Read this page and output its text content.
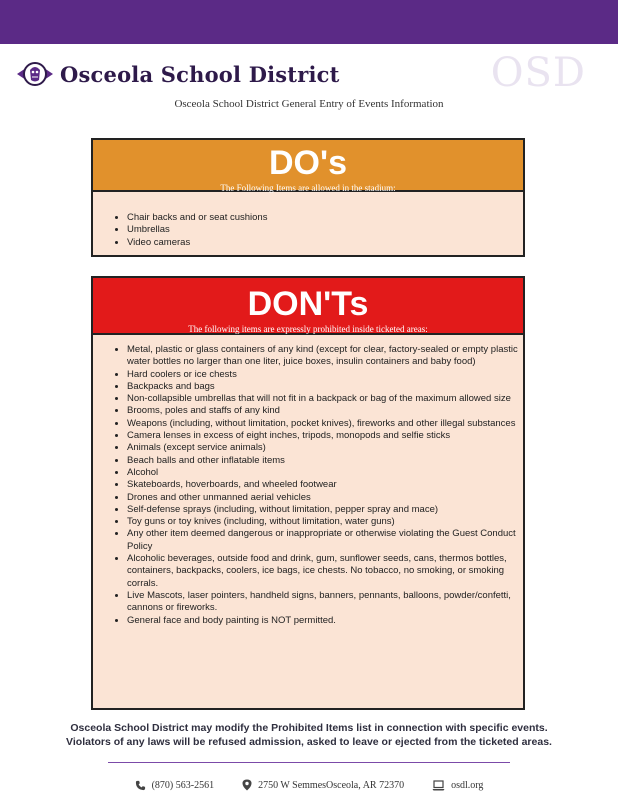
Osceola School District	OSD
Osceola School District General Entry of Events Information
DO's
The Following Items are allowed in the stadium:
• Chair backs and or seat cushions
• Umbrellas
• Video cameras
DON'Ts
The following items are expressly prohibited inside ticketed areas:
• Metal, plastic or glass containers of any kind (except for clear, factory-sealed or empty plastic water bottles no larger than one liter, juice boxes, insulin containers and baby food)
• Hard coolers or ice chests
• Backpacks and bags
• Non-collapsible umbrellas that will not fit in a backpack or bag of the maximum allowed size
• Brooms, poles and staffs of any kind
• Weapons (including, without limitation, pocket knives), fireworks and other illegal substances
• Camera lenses in excess of eight inches, tripods, monopods and selfie sticks
• Animals (except service animals)
• Beach balls and other inflatable items
• Alcohol
• Skateboards, hoverboards, and wheeled footwear
• Drones and other unmanned aerial vehicles
• Self-defense sprays (including, without limitation, pepper spray and mace)
• Toy guns or toy knives (including, without limitation, water guns)
• Any other item deemed dangerous or inappropriate or otherwise violating the Guest Conduct Policy
• Alcoholic beverages, outside food and drink, gum, sunflower seeds, cans, thermos bottles, containers, backpacks, coolers, ice bags, ice chests. No tobacco, no smoking, or smoking corrals.
• Live Mascots, laser pointers, handheld signs, banners, pennants, balloons, powder/confetti, cannons or fireworks.
• General face and body painting is NOT permitted.
Osceola School District may modify the Prohibited Items list in connection with specific events.
Violators of any laws will be refused admission, asked to leave or ejected from the ticketed areas.
(870) 563-2561	2750 W SemmesOsceola, AR 72370	osdl.org
